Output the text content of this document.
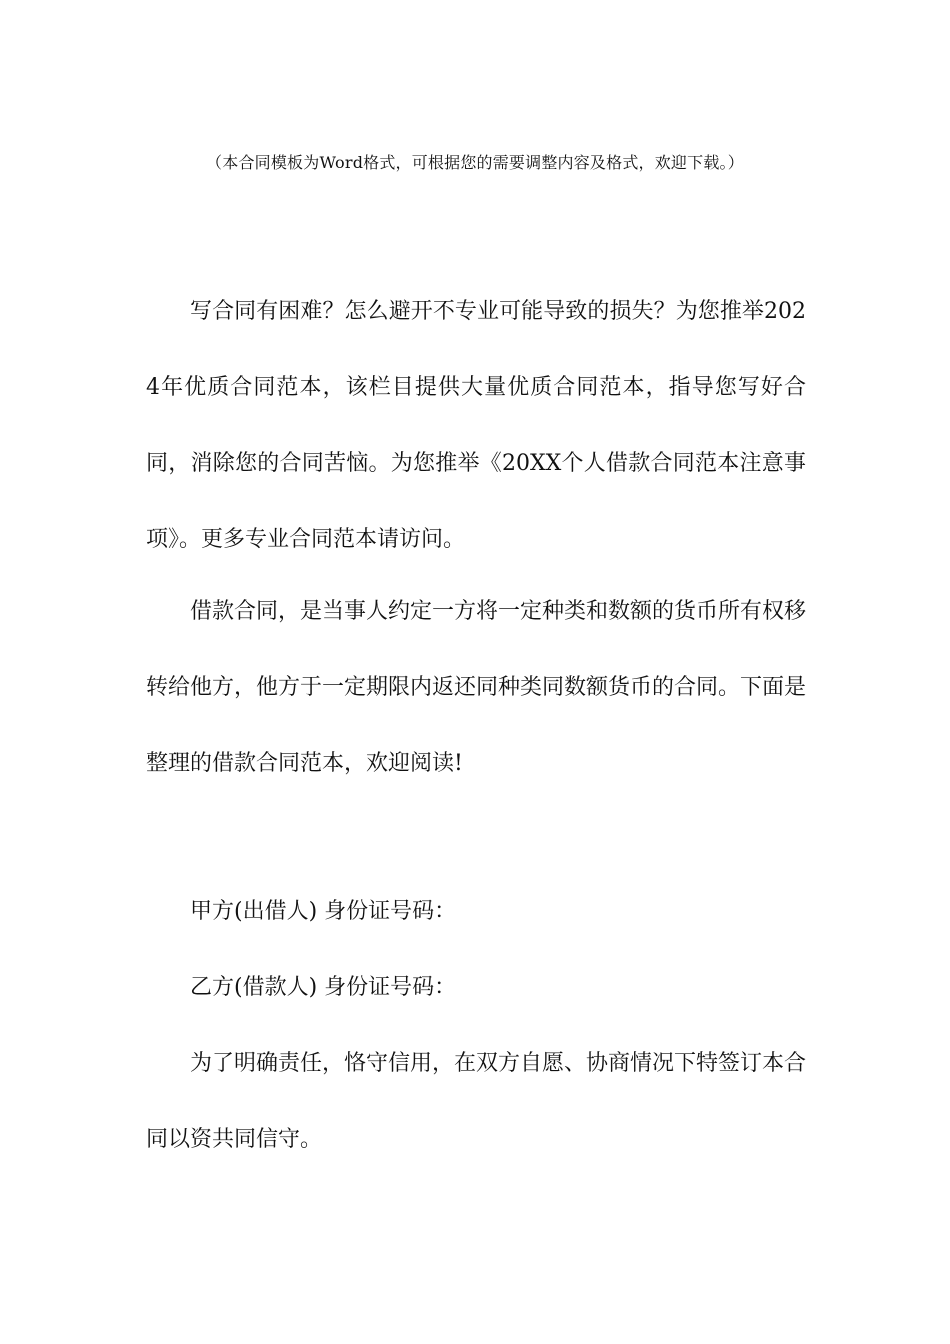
（本合同模板为Word格式，可根据您的需要调整内容及格式，欢迎下载。）

写合同有困难？怎么避开不专业可能导致的损失？为您推举2024年优质合同范本，该栏目提供大量优质合同范本，指导您写好合同，消除您的合同苦恼。为您推举《20XX个人借款合同范本注意事项》。更多专业合同范本请访问。

借款合同，是当事人约定一方将一定种类和数额的货币所有权移转给他方，他方于一定期限内返还同种类同数额货币的合同。下面是整理的借款合同范本，欢迎阅读!

甲方(出借人) 身份证号码：

乙方(借款人) 身份证号码：

为了明确责任，恪守信用，在双方自愿、协商情况下特签订本合同以资共同信守。
